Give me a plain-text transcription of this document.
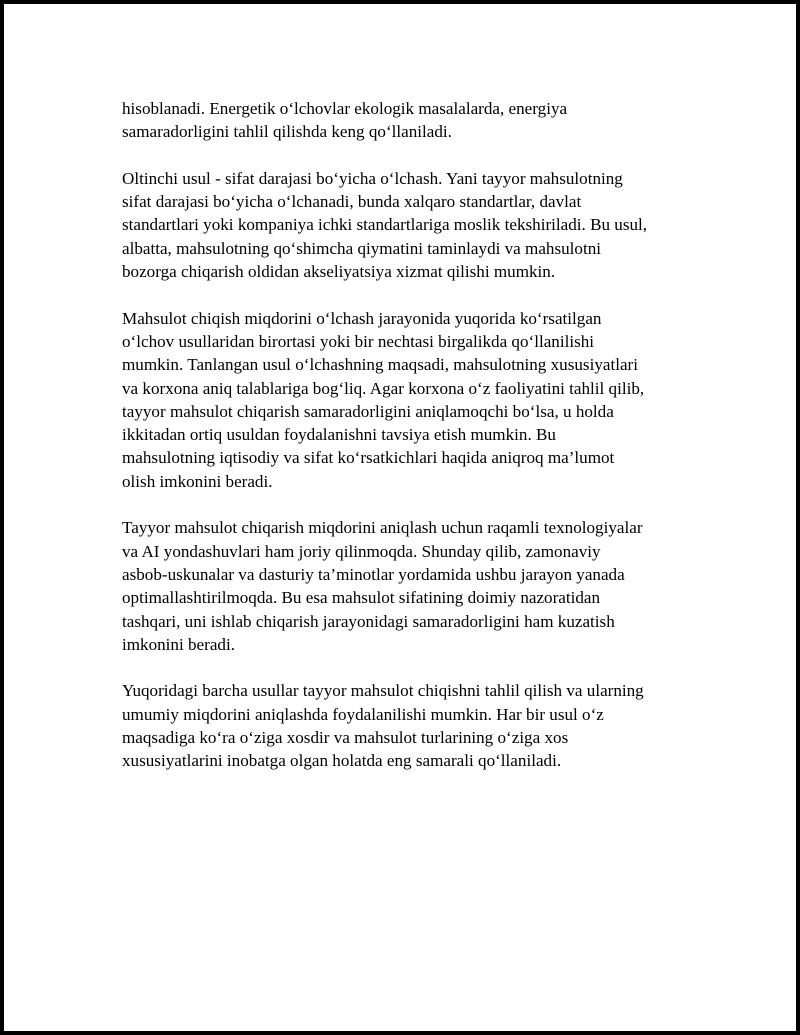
hisoblanadi. Energetik o‘lchovlar ekologik masalalarda, energiya
samaradorligini tahlil qilishda keng qo‘llaniladi.

Oltinchi usul - sifat darajasi bo‘yicha o‘lchash. Yani tayyor mahsulotning
sifat darajasi bo‘yicha o‘lchanadi, bunda xalqaro standartlar, davlat
standartlari yoki kompaniya ichki standartlariga moslik tekshiriladi. Bu usul,
albatta, mahsulotning qo‘shimcha qiymatini taminlaydi va mahsulotni
bozorga chiqarish oldidan akseliyatsiya xizmat qilishi mumkin.

Mahsulot chiqish miqdorini o‘lchash jarayonida yuqorida ko‘rsatilgan
o‘lchov usullaridan birortasi yoki bir nechtasi birgalikda qo‘llanilishi
mumkin. Tanlangan usul o‘lchashning maqsadi, mahsulotning xususiyatlari
va korxona aniq talablariga bog‘liq. Agar korxona o‘z faoliyatini tahlil qilib,
tayyor mahsulot chiqarish samaradorligini aniqlamoqchi bo‘lsa, u holda
ikkitadan ortiq usuldan foydalanishni tavsiya etish mumkin. Bu
mahsulotning iqtisodiy va sifat ko‘rsatkichlari haqida aniqroq ma’lumot
olish imkonini beradi.

Tayyor mahsulot chiqarish miqdorini aniqlash uchun raqamli texnologiyalar
va AI yondashuvlari ham joriy qilinmoqda. Shunday qilib, zamonaviy
asbob-uskunalar va dasturiy ta’minotlar yordamida ushbu jarayon yanada
optimallashtirilmoqda. Bu esa mahsulot sifatining doimiy nazoratidan
tashqari, uni ishlab chiqarish jarayonidagi samaradorligini ham kuzatish
imkonini beradi.

Yuqoridagi barcha usullar tayyor mahsulot chiqishni tahlil qilish va ularning
umumiy miqdorini aniqlashda foydalanilishi mumkin. Har bir usul o‘z
maqsadiga ko‘ra o‘ziga xosdir va mahsulot turlarining o‘ziga xos
xususiyatlarini inobatga olgan holatda eng samarali qo‘llaniladi.
